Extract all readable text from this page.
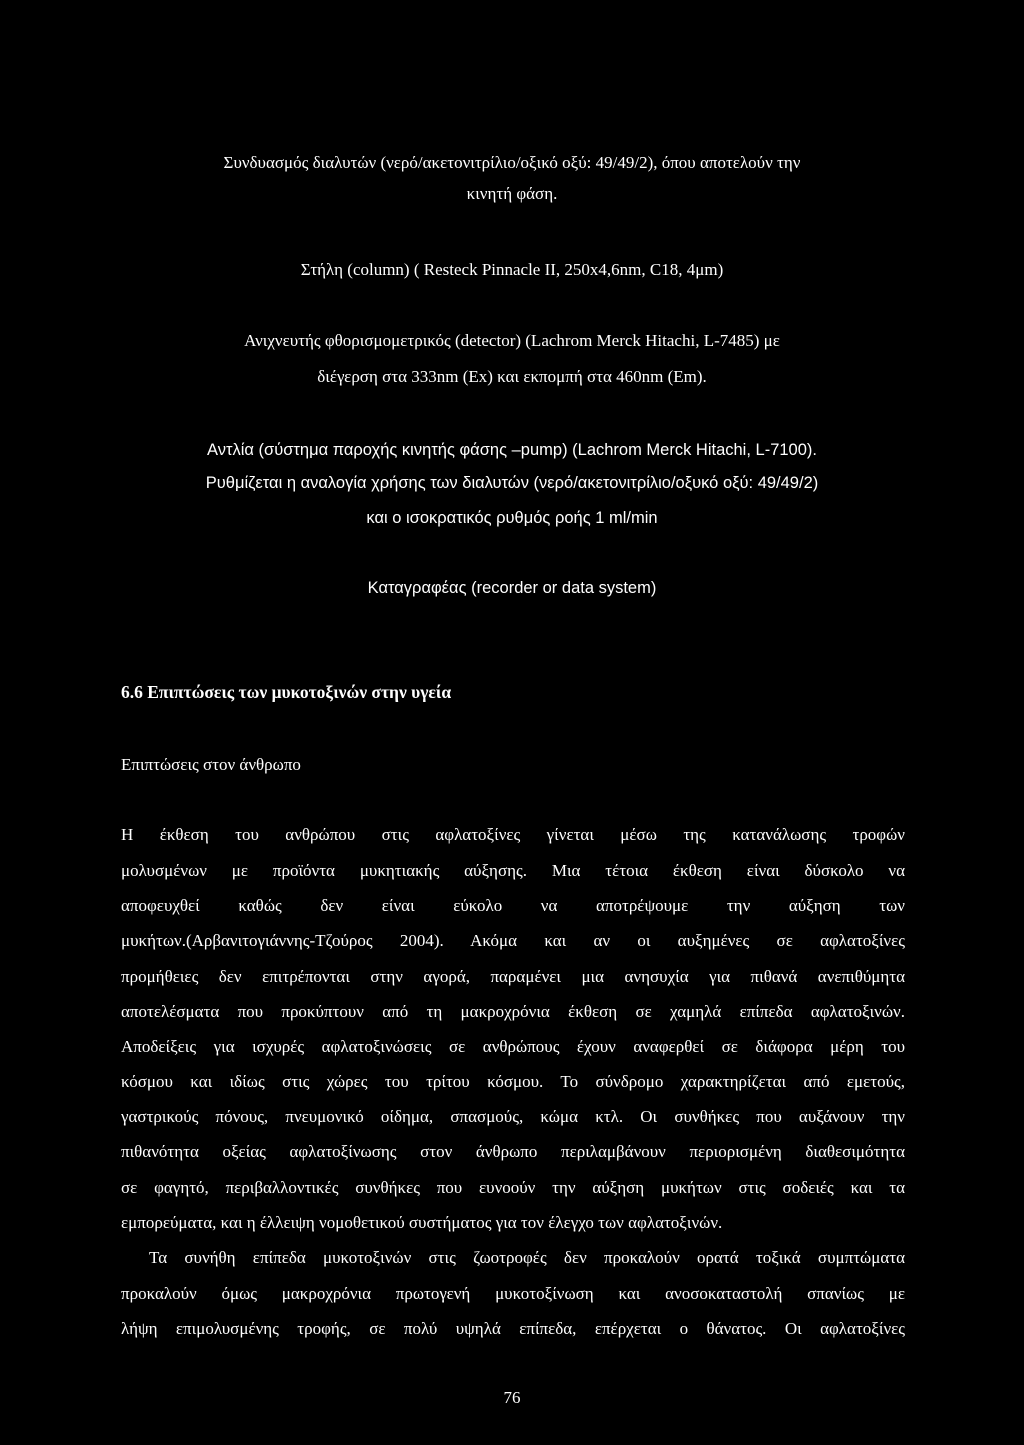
Συνδυασμός διαλυτών (νερό/ακετονιτρίλιο/οξικό οξύ: 49/49/2), όπου αποτελούν την
κινητή φάση.
Στήλη (column) ( Resteck Pinnacle II, 250x4,6nm, C18, 4μm)
Ανιχνευτής φθορισμομετρικός (detector) (Lachrom Merck Hitachi, L-7485) με
διέγερση στα 333nm (Ex) και εκπομπή στα 460nm (Em).
Αντλία (σύστημα παροχής κινητής φάσης –pump) (Lachrom Merck Hitachi, L-7100).
Ρυθμίζεται η αναλογία χρήσης των διαλυτών (νερό/ακετονιτρίλιο/οξυκό οξύ: 49/49/2)
και ο ισοκρατικός ρυθμός ροής 1 ml/min
Καταγραφέας (recorder or data system)
6.6 Επιπτώσεις των μυκοτοξινών στην υγεία
Επιπτώσεις στον άνθρωπο
Η έκθεση του ανθρώπου στις αφλατοξίνες γίνεται μέσω της κατανάλωσης τροφών
μολυσμένων με προϊόντα μυκητιακής αύξησης. Μια τέτοια έκθεση είναι δύσκολο να
αποφευχθεί καθώς δεν είναι εύκολο να αποτρέψουμε την αύξηση των
μυκήτων.(Αρβανιτογιάννης-Τζούρος 2004). Ακόμα και αν οι αυξημένες σε αφλατοξίνες
προμήθειες δεν επιτρέπονται στην αγορά, παραμένει μια ανησυχία για πιθανά ανεπιθύμητα
αποτελέσματα που προκύπτουν από τη μακροχρόνια έκθεση σε χαμηλά επίπεδα αφλατοξινών.
Αποδείξεις για ισχυρές αφλατοξινώσεις σε ανθρώπους έχουν αναφερθεί σε διάφορα μέρη του
κόσμου και ιδίως στις χώρες του τρίτου κόσμου. Το σύνδρομο χαρακτηρίζεται από εμετούς,
γαστρικούς πόνους, πνευμονικό οίδημα, σπασμούς, κώμα κτλ. Οι συνθήκες που αυξάνουν την
πιθανότητα οξείας αφλατοξίνωσης στον άνθρωπο περιλαμβάνουν περιορισμένη διαθεσιμότητα
σε φαγητό, περιβαλλοντικές συνθήκες που ευνοούν την αύξηση μυκήτων στις σοδειές και τα
εμπορεύματα, και η έλλειψη νομοθετικού συστήματος για τον έλεγχο των αφλατοξινών.
Τα συνήθη επίπεδα μυκοτοξινών στις ζωοτροφές δεν προκαλούν ορατά τοξικά συμπτώματα
προκαλούν όμως μακροχρόνια πρωτογενή μυκοτοξίνωση και ανοσοκαταστολή σπανίως με
λήψη επιμολυσμένης τροφής, σε πολύ υψηλά επίπεδα, επέρχεται ο θάνατος. Οι αφλατοξίνες
76
